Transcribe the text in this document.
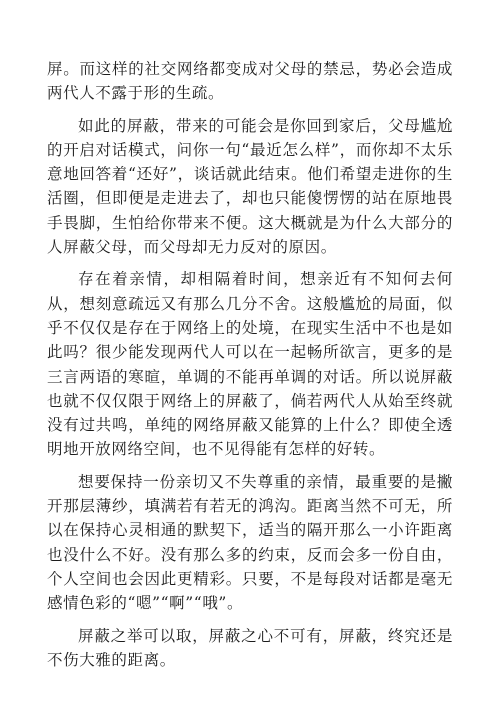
屏。而这样的社交网络都变成对父母的禁忌，势必会造成两代人不露于形的生疏。

如此的屏蔽，带来的可能会是你回到家后，父母尴尬的开启对话模式，问你一句“最近怎么样”，而你却不太乐意地回答着“还好”，谈话就此结束。他们希望走进你的生活圈，但即便是走进去了，却也只能傻愣愣的站在原地畏手畏脚，生怕给你带来不便。这大概就是为什么大部分的人屏蔽父母，而父母却无力反对的原因。

存在着亲情，却相隔着时间，想亲近有不知何去何从，想刻意疏远又有那么几分不舍。这般尴尬的局面，似乎不仅仅是存在于网络上的处境，在现实生活中不也是如此吗？很少能发现两代人可以在一起畅所欲言，更多的是三言两语的寒暄，单调的不能再单调的对话。所以说屏蔽也就不仅仅限于网络上的屏蔽了，倘若两代人从始至终就没有过共鸣，单纯的网络屏蔽又能算的上什么？即使全透明地开放网络空间，也不见得能有怎样的好转。

想要保持一份亲切又不失尊重的亲情，最重要的是撇开那层薄纱，填满若有若无的鸿沟。距离当然不可无，所以在保持心灵相通的默契下，适当的隔开那么一小许距离也没什么不好。没有那么多的约束，反而会多一份自由，个人空间也会因此更精彩。只要，不是每段对话都是毫无感情色彩的“嗯”“啊”“哦”。

屏蔽之举可以取，屏蔽之心不可有，屏蔽，终究还是不伤大雅的距离。
